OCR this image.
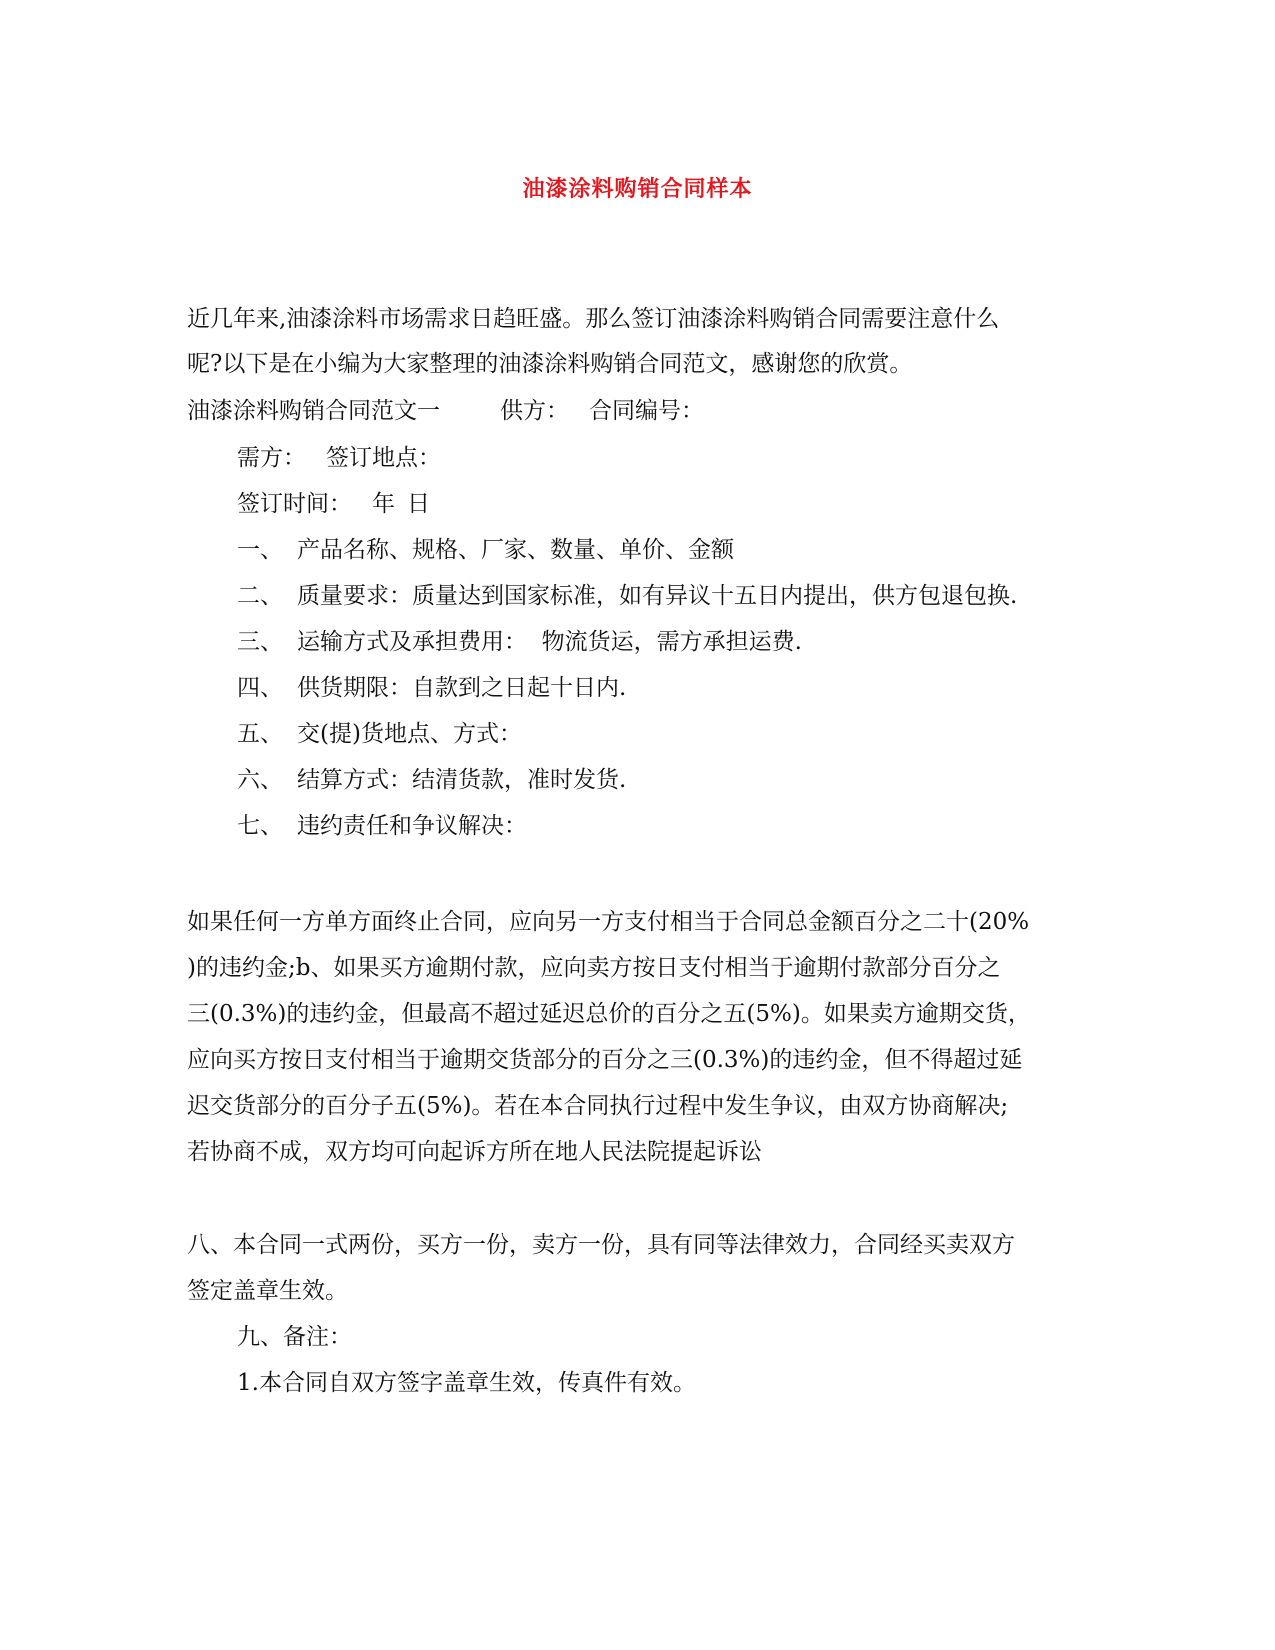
油漆涂料购销合同样本
近几年来,油漆涂料市场需求日趋旺盛。那么签订油漆涂料购销合同需要注意什么
呢?以下是在小编为大家整理的油漆涂料购销合同范文，感谢您的欣赏。
油漆涂料购销合同范文一	供方： 合同编号：
需方： 签订地点：
签订时间： 年 日
一、 产品名称、规格、厂家、数量、单价、金额
二、 质量要求：质量达到国家标准，如有异议十五日内提出，供方包退包换.
三、 运输方式及承担费用：  物流货运，需方承担运费.
四、 供货期限：自款到之日起十日内.
五、 交(提)货地点、方式：
六、 结算方式：结清货款，准时发货.
七、 违约责任和争议解决：
如果任何一方单方面终止合同，应向另一方支付相当于合同总金额百分之二十(20%
)的违约金;b、如果买方逾期付款，应向卖方按日支付相当于逾期付款部分百分之
三(0.3%)的违约金，但最高不超过延迟总价的百分之五(5%)。如果卖方逾期交货，
应向买方按日支付相当于逾期交货部分的百分之三(0.3%)的违约金，但不得超过延
迟交货部分的百分子五(5%)。若在本合同执行过程中发生争议，由双方协商解决;
若协商不成，双方均可向起诉方所在地人民法院提起诉讼
八、本合同一式两份，买方一份，卖方一份，具有同等法律效力，合同经买卖双方
签定盖章生效。
九、备注：
1.本合同自双方签字盖章生效，传真件有效。
